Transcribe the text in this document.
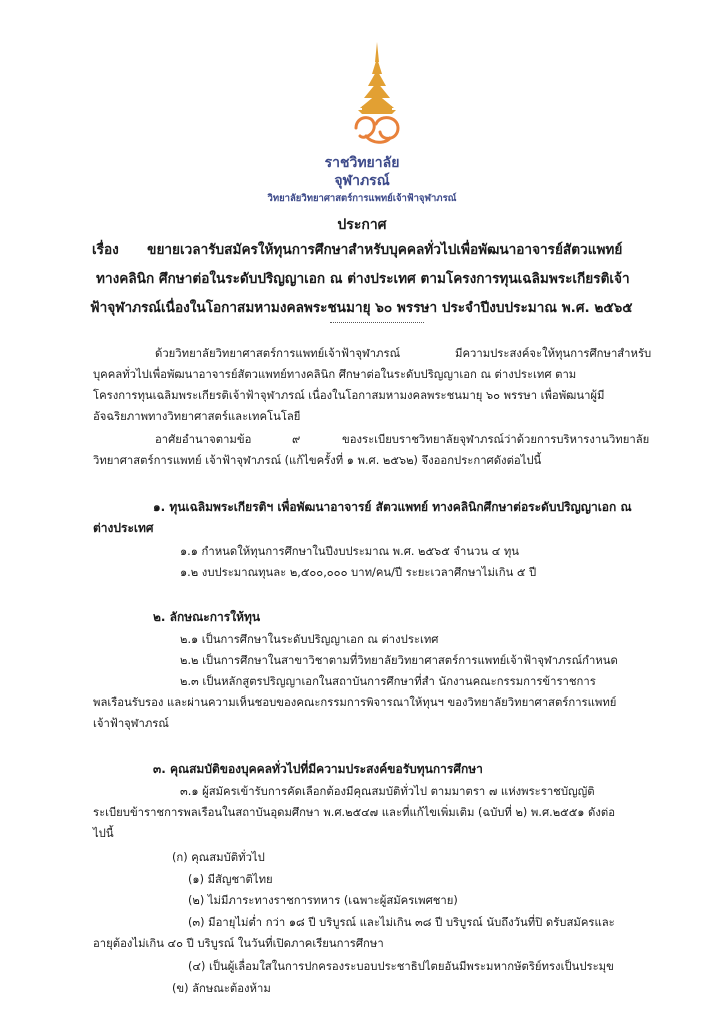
ราชวิทยาลัย
จุฬาภรณ์
วิทยาลัยวิทยาศาสตร์การแพทย์เจ้าฟ้าจุฬาภรณ์
ประกาศ
เรื่อง ขยายเวลารับสมัครให้ทุนการศึกษาสำหรับบุคคลทั่วไปเพื่อพัฒนาอาจารย์สัตวแพทย์
ทางคลินิก ศึกษาต่อในระดับปริญญาเอก ณ ต่างประเทศ ตามโครงการทุนเฉลิมพระเกียรติเจ้า
ฟ้าจุฬาภรณ์เนื่องในโอกาสมหามงคลพระชนมายุ ๖๐ พรรษา ประจำปีงบประมาณ พ.ศ. ๒๕๖๕
ด้วยวิทยาลัยวิทยาศาสตร์การแพทย์เจ้าฟ้าจุฬาภรณ์	มีความประสงค์จะให้ทุนการศึกษาสำหรับ
บุคคลทั่วไปเพื่อพัฒนาอาจารย์สัตวแพทย์ทางคลินิก ศึกษาต่อในระดับปริญญาเอก ณ ต่างประเทศ ตาม
โครงการทุนเฉลิมพระเกียรติเจ้าฟ้าจุฬาภรณ์ เนื่องในโอกาสมหามงคลพระชนมายุ ๖๐ พรรษา เพื่อพัฒนาผู้มี
อัจฉริยภาพทางวิทยาศาสตร์และเทคโนโลยี
อาศัยอำนาจตามข้อ	๙	ของระเบียบราชวิทยาลัยจุฬาภรณ์ว่าด้วยการบริหารงานวิทยาลัย
วิทยาศาสตร์การแพทย์ เจ้าฟ้าจุฬาภรณ์ (แก้ไขครั้งที่ ๑ พ.ศ. ๒๕๖๒) จึงออกประกาศดังต่อไปนี้
๑. ทุนเฉลิมพระเกียรติฯ เพื่อพัฒนาอาจารย์ สัตวแพทย์ ทางคลินิกศึกษาต่อระดับปริญญาเอก ณ
ต่างประเทศ
๑.๑ กำหนดให้ทุนการศึกษาในปีงบประมาณ พ.ศ. ๒๕๖๕ จำนวน ๔ ทุน
๑.๒ งบประมาณทุนละ ๒,๕๐๐,๐๐๐ บาท/คน/ปี ระยะเวลาศึกษาไม่เกิน ๕ ปี
๒. ลักษณะการให้ทุน
๒.๑ เป็นการศึกษาในระดับปริญญาเอก ณ ต่างประเทศ
๒.๒ เป็นการศึกษาในสาขาวิชาตามที่วิทยาลัยวิทยาศาสตร์การแพทย์เจ้าฟ้าจุฬาภรณ์กำหนด
๒.๓ เป็นหลักสูตรปริญญาเอกในสถาบันการศึกษาที่สำ นักงานคณะกรรมการข้าราชการ
พลเรือนรับรอง และผ่านความเห็นชอบของคณะกรรมการพิจารณาให้ทุนฯ ของวิทยาลัยวิทยาศาสตร์การแพทย์
เจ้าฟ้าจุฬาภรณ์
๓. คุณสมบัติของบุคคลทั่วไปที่มีความประสงค์ขอรับทุนการศึกษา
๓.๑ ผู้สมัครเข้ารับการคัดเลือกต้องมีคุณสมบัติทั่วไป ตามมาตรา ๗ แห่งพระราชบัญญัติ
ระเบียบข้าราชการพลเรือนในสถาบันอุดมศึกษา พ.ศ.๒๕๔๗ และที่แก้ไขเพิ่มเติม (ฉบับที่ ๒) พ.ศ.๒๕๕๑ ดังต่อ
ไปนี้
(ก) คุณสมบัติทั่วไป
(๑) มีสัญชาติไทย
(๒) ไม่มีภาระทางราชการทหาร (เฉพาะผู้สมัครเพศชาย)
(๓) มีอายุไม่ต่ำ กว่า ๑๘ ปี บริบูรณ์ และไม่เกิน ๓๘ ปี บริบูรณ์ นับถึงวันที่ปิ ดรับสมัครและ
อายุต้องไม่เกิน ๔๐ ปี บริบูรณ์ ในวันที่เปิดภาคเรียนการศึกษา
(๔) เป็นผู้เลื่อมใสในการปกครองระบอบประชาธิปไตยอันมีพระมหากษัตริย์ทรงเป็นประมุข
(ข) ลักษณะต้องห้าม
